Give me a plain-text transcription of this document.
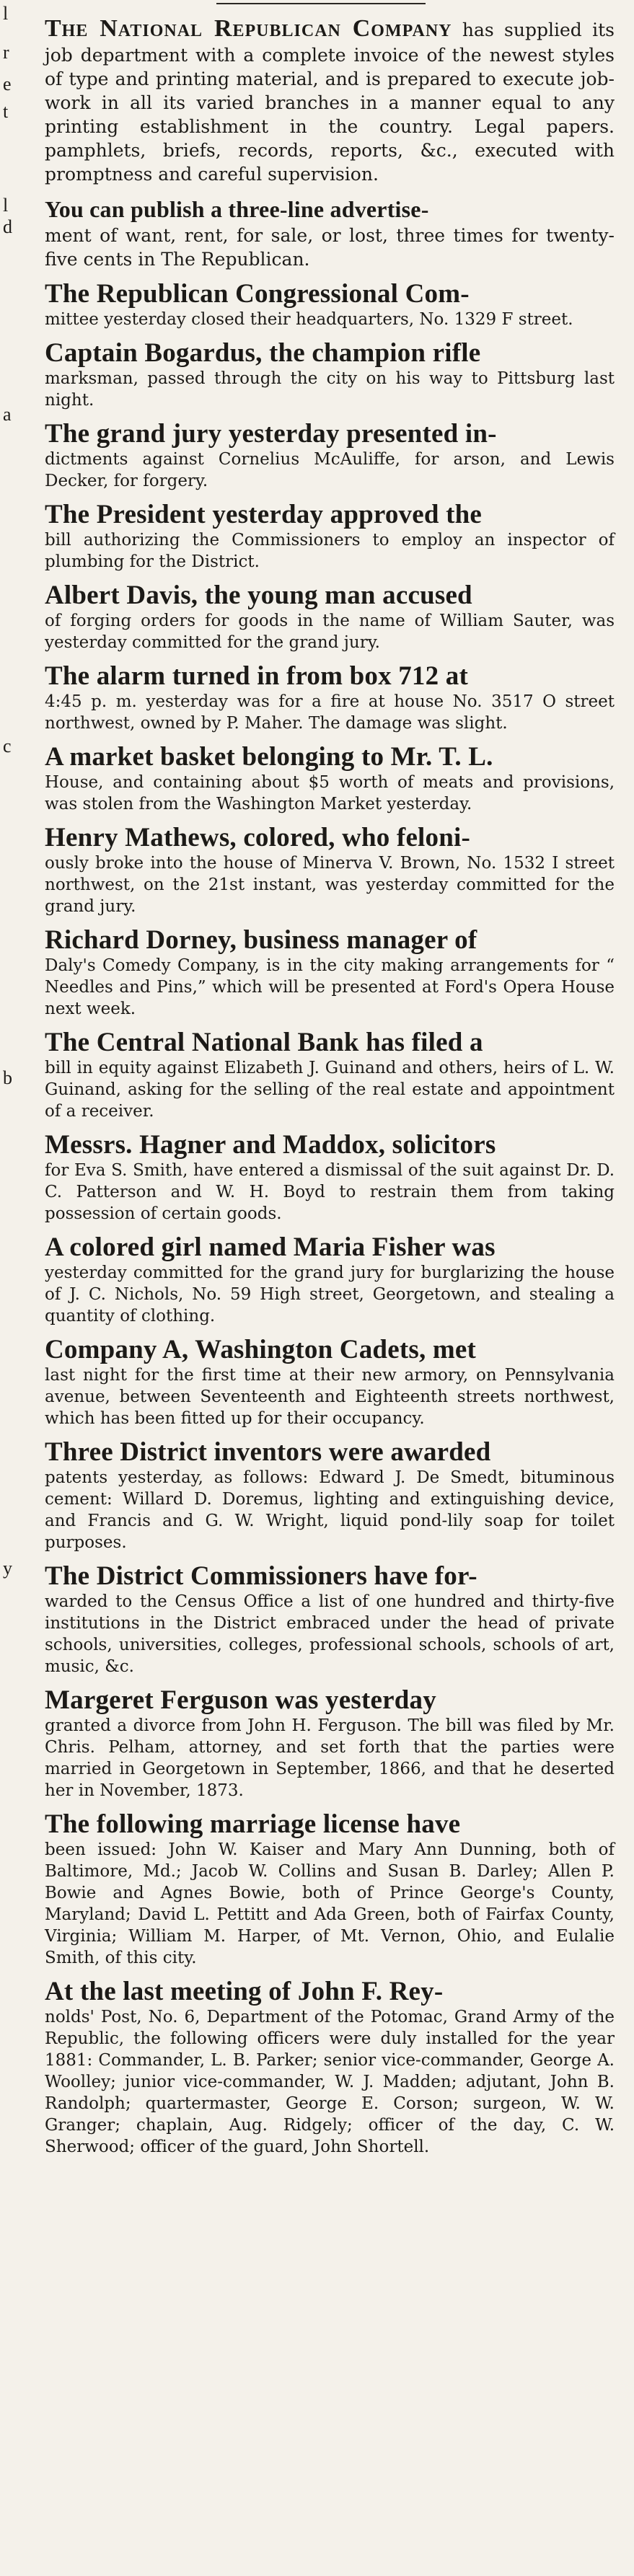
l
r
e
t
l
d
a
c
b
y
The National Republican Company has supplied its job department with a complete invoice of the newest styles of type and printing material, and is prepared to execute job-work in all its varied branches in a manner equal to any printing establishment in the country. Legal papers. pamphlets, briefs, records, reports, &c., executed with promptness and careful supervision.
You can publish a three-line advertise-
ment of want, rent, for sale, or lost, three times for twenty-five cents in The Republican.
The Republican Congressional Com-
mittee yesterday closed their headquarters, No. 1329 F street.
Captain Bogardus, the champion rifle
marksman, passed through the city on his way to Pittsburg last night.
The grand jury yesterday presented in-
dictments against Cornelius McAuliffe, for arson, and Lewis Decker, for forgery.
The President yesterday approved the
bill authorizing the Commissioners to employ an inspector of plumbing for the District.
Albert Davis, the young man accused
of forging orders for goods in the name of William Sauter, was yesterday committed for the grand jury.
The alarm turned in from box 712 at
4:45 p. m. yesterday was for a fire at house No. 3517 O street northwest, owned by P. Maher. The damage was slight.
A market basket belonging to Mr. T. L.
House, and containing about $5 worth of meats and provisions, was stolen from the Washington Market yesterday.
Henry Mathews, colored, who feloni-
ously broke into the house of Minerva V. Brown, No. 1532 I street northwest, on the 21st instant, was yesterday committed for the grand jury.
Richard Dorney, business manager of
Daly's Comedy Company, is in the city making arrangements for “ Needles and Pins,” which will be presented at Ford's Opera House next week.
The Central National Bank has filed a
bill in equity against Elizabeth J. Guinand and others, heirs of L. W. Guinand, asking for the selling of the real estate and appointment of a receiver.
Messrs. Hagner and Maddox, solicitors
for Eva S. Smith, have entered a dismissal of the suit against Dr. D. C. Patterson and W. H. Boyd to restrain them from taking possession of certain goods.
A colored girl named Maria Fisher was
yesterday committed for the grand jury for burglarizing the house of J. C. Nichols, No. 59 High street, Georgetown, and stealing a quantity of clothing.
Company A, Washington Cadets, met
last night for the first time at their new armory, on Pennsylvania avenue, between Seventeenth and Eighteenth streets northwest, which has been fitted up for their occupancy.
Three District inventors were awarded
patents yesterday, as follows: Edward J. De Smedt, bituminous cement: Willard D. Doremus, lighting and extinguishing device, and Francis and G. W. Wright, liquid pond-lily soap for toilet purposes.
The District Commissioners have for-
warded to the Census Office a list of one hundred and thirty-five institutions in the District embraced under the head of private schools, universities, colleges, professional schools, schools of art, music, &c.
Margeret Ferguson was yesterday
granted a divorce from John H. Ferguson. The bill was filed by Mr. Chris. Pelham, attorney, and set forth that the parties were married in Georgetown in September, 1866, and that he deserted her in November, 1873.
The following marriage license have
been issued: John W. Kaiser and Mary Ann Dunning, both of Baltimore, Md.; Jacob W. Collins and Susan B. Darley; Allen P. Bowie and Agnes Bowie, both of Prince George's County, Maryland; David L. Pettitt and Ada Green, both of Fairfax County, Virginia; William M. Harper, of Mt. Vernon, Ohio, and Eulalie Smith, of this city.
At the last meeting of John F. Rey-
nolds' Post, No. 6, Department of the Potomac, Grand Army of the Republic, the following officers were duly installed for the year 1881: Commander, L. B. Parker; senior vice-commander, George A. Woolley; junior vice-commander, W. J. Madden; adjutant, John B. Randolph; quartermaster, George E. Corson; surgeon, W. W. Granger; chaplain, Aug. Ridgely; officer of the day, C. W. Sherwood; officer of the guard, John Shortell.
